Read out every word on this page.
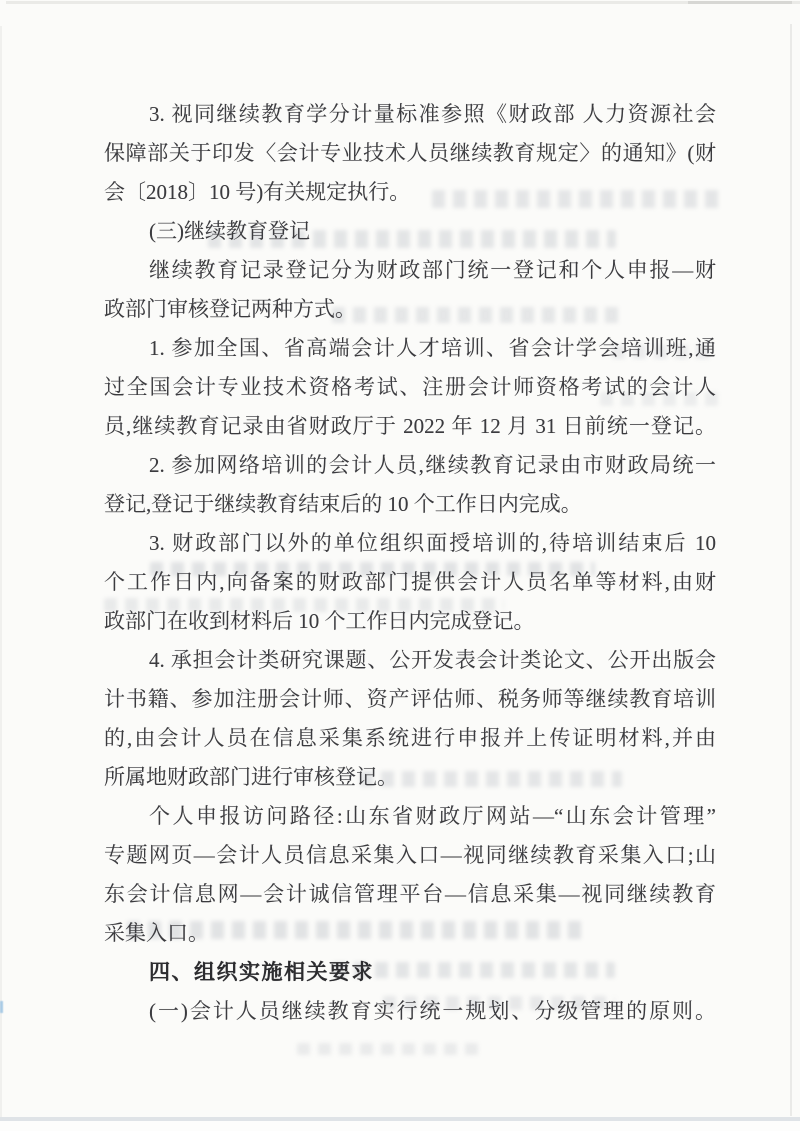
3. 视同继续教育学分计量标准参照《财政部 人力资源社会
保障部关于印发〈会计专业技术人员继续教育规定〉的通知》(财
会〔2018〕10 号)有关规定执行。
(三)继续教育登记
继续教育记录登记分为财政部门统一登记和个人申报—财
政部门审核登记两种方式。
1. 参加全国、省高端会计人才培训、省会计学会培训班,通
过全国会计专业技术资格考试、注册会计师资格考试的会计人
员,继续教育记录由省财政厅于 2022 年 12 月 31 日前统一登记。
2. 参加网络培训的会计人员,继续教育记录由市财政局统一
登记,登记于继续教育结束后的 10 个工作日内完成。
3. 财政部门以外的单位组织面授培训的,待培训结束后 10
个工作日内,向备案的财政部门提供会计人员名单等材料,由财
政部门在收到材料后 10 个工作日内完成登记。
4. 承担会计类研究课题、公开发表会计类论文、公开出版会
计书籍、参加注册会计师、资产评估师、税务师等继续教育培训
的,由会计人员在信息采集系统进行申报并上传证明材料,并由
所属地财政部门进行审核登记。
个人申报访问路径:山东省财政厅网站—“山东会计管理”
专题网页—会计人员信息采集入口—视同继续教育采集入口;山
东会计信息网—会计诚信管理平台—信息采集—视同继续教育
采集入口。
四、组织实施相关要求
(一)会计人员继续教育实行统一规划、分级管理的原则。
